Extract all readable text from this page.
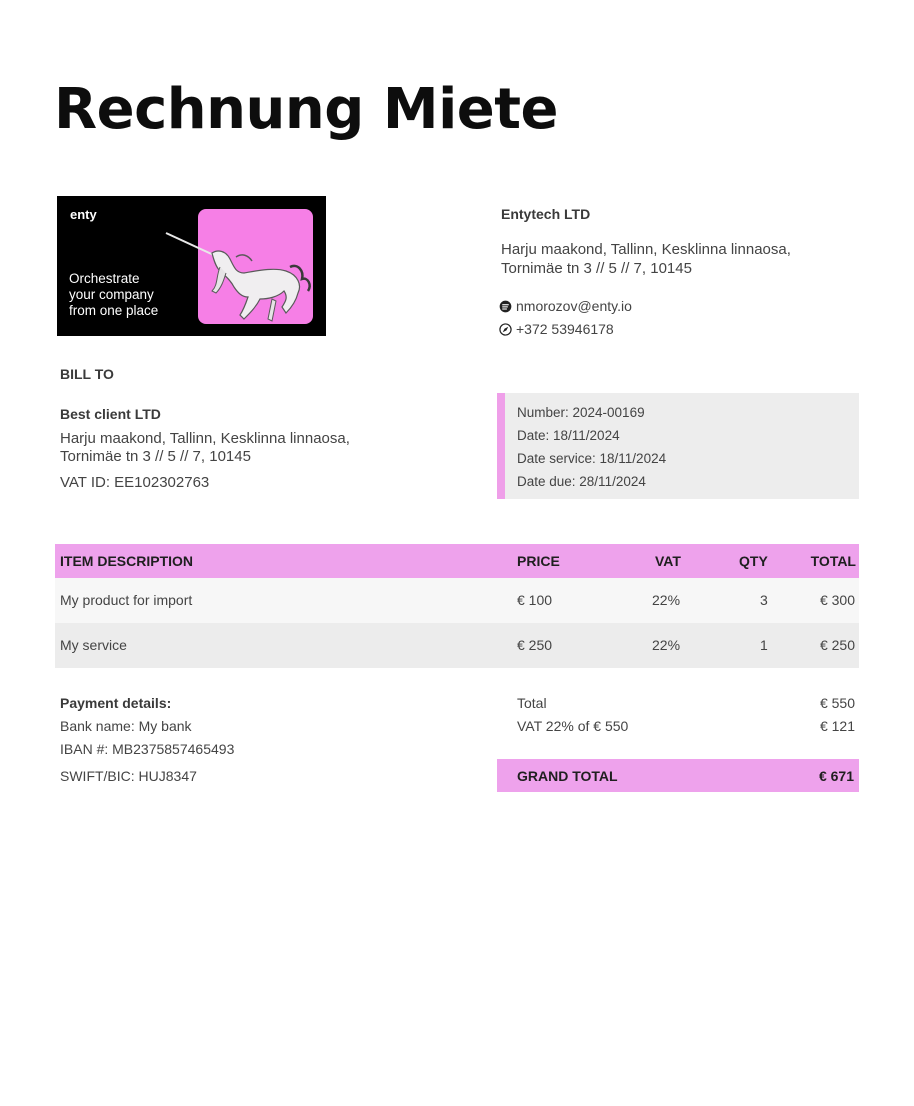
Rechnung Miete
enty
Orchestrate
your company
from one place
Entytech LTD
Harju maakond, Tallinn, Kesklinna linnaosa,
Tornimäe tn 3 // 5 // 7, 10145
nmorozov@enty.io
+372 53946178
BILL TO
Best client LTD
Harju maakond, Tallinn, Kesklinna linnaosa,
Tornimäe tn 3 // 5 // 7, 10145
VAT ID: EE102302763
Number: 2024-00169
Date: 18/11/2024
Date service: 18/11/2024
Date due: 28/11/2024
ITEM DESCRIPTION	PRICE	VAT	QTY	TOTAL
My product for import	€ 100	22%	3	€ 300
My service	€ 250	22%	1	€ 250
Payment details:
Bank name: My bank
IBAN #: MB2375857465493
SWIFT/BIC: HUJ8347
Total	€ 550
VAT 22% of € 550	€ 121
GRAND TOTAL	€ 671
